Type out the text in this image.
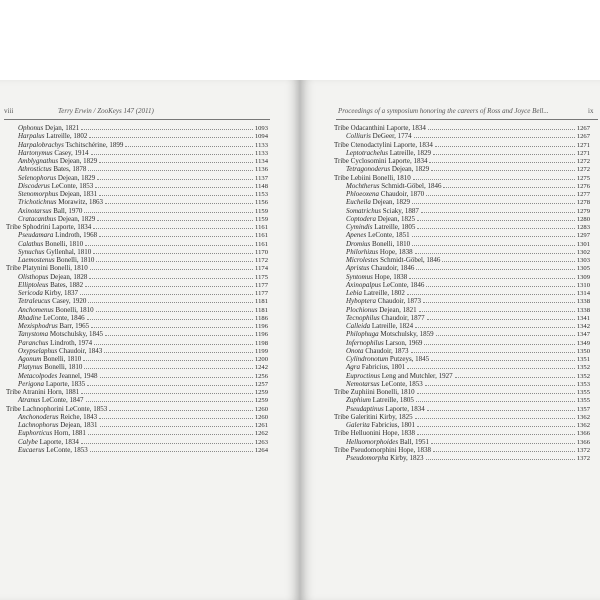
viii	Terry Erwin / ZooKeys 147 (2011)
Ophonus Dejan, 1821	1093
Harpalus Latreille, 1802	1094
Harpalobrachys Tschitschérine, 1899	1133
Hartonymus Casey, 1914	1133
Amblygnathus Dejean, 1829	1134
Athrostictus Bates, 1878	1136
Selenophorus Dejean, 1829	1137
Discoderus LeConte, 1853	1148
Stenomorphus Dejean, 1831	1153
Trichotichnus Morawitz, 1863	1156
Axinotarsus Ball, 1970	1159
Cratacanthus Dejean, 1829	1159
Tribe Sphodrini Laporte, 1834	1161
Pseudamara Lindroth, 1968	1161
Calathus Bonelli, 1810	1161
Synuchus Gyllenhal, 1810	1170
Laemostenus Bonelli, 1810	1172
Tribe Platynini Bonelli, 1810	1174
Olisthopus Dejean, 1828	1175
Elliptoleus Bates, 1882	1177
Sericoda Kirby, 1837	1177
Tetraleucus Casey, 1920	1181
Anchomenus Bonelli, 1810	1181
Rhadine LeConte, 1846	1186
Mexisphodrus Barr, 1965	1196
Tanystoma Motschulsky, 1845	1196
Paranchus Lindroth, 1974	1198
Oxypselaphus Chaudoir, 1843	1199
Agonum Bonelli, 1810	1200
Platynus Bonelli, 1810	1242
Metacolpodes Jeannel, 1948	1256
Perigona Laporte, 1835	1257
Tribe Atranini Horn, 1881	1259
Atranus LeConte, 1847	1259
Tribe Lachnophorini LeConte, 1853	1260
Anchonoderus Reiche, 1843	1260
Lachnophorus Dejean, 1831	1261
Euphorticus Horn, 1881	1262
Calybe Laporte, 1834	1263
Eucaerus LeConte, 1853	1264
Proceedings of a symposium honoring the careers of Ross and Joyce Bell...	ix
Tribe Odacanthini Laporte, 1834	1267
Colliuris DeGeer, 1774	1267
Tribe Ctenodactylini Laporte, 1834	1271
Leptotrachelus Latreille, 1829	1271
Tribe Cyclosomini Laporte, 1834	1272
Tetragonoderus Dejean, 1829	1272
Tribe Lebiini Bonelli, 1810	1275
Mochtherus Schmidt-Göbel, 1846	1276
Phloeoxena Chaudoir, 1870	1277
Eucheila Dejean, 1829	1278
Somatrichus Sciaky, 1887	1279
Coptodera Dejean, 1825	1280
Cymindis Latreille, 1805	1283
Apenes LeConte, 1851	1297
Dromius Bonelli, 1810	1301
Philorhizus Hope, 1838	1302
Microlestes Schmidt-Göbel, 1846	1303
Apristus Chaudoir, 1846	1305
Syntomus Hope, 1838	1309
Axinopalpus LeConte, 1846	1310
Lebia Latreille, 1802	1314
Hyboptera Chaudoir, 1873	1338
Plochionus Dejean, 1821	1338
Tecnophilus Chaudoir, 1877	1341
Calleida Latreille, 1824	1342
Philophuga Motschulsky, 1859	1347
Infernophilus Larson, 1969	1349
Onota Chaudoir, 1873	1350
Cylindronotum Putzeys, 1845	1351
Agra Fabricius, 1801	1352
Euproctinus Leng and Mutchler, 1927	1352
Nemotarsus LeConte, 1853	1353
Tribe Zuphiini Bonelli, 1810	1355
Zuphium Latreille, 1805	1355
Pseudaptinus Laporte, 1834	1357
Tribe Galeritini Kirby, 1825	1362
Galerita Fabricius, 1801	1362
Tribe Helluonini Hope, 1838	1366
Helluomorphoides Ball, 1951	1366
Tribe Pseudomorphini Hope, 1838	1372
Pseudomorpha Kirby, 1823	1372
